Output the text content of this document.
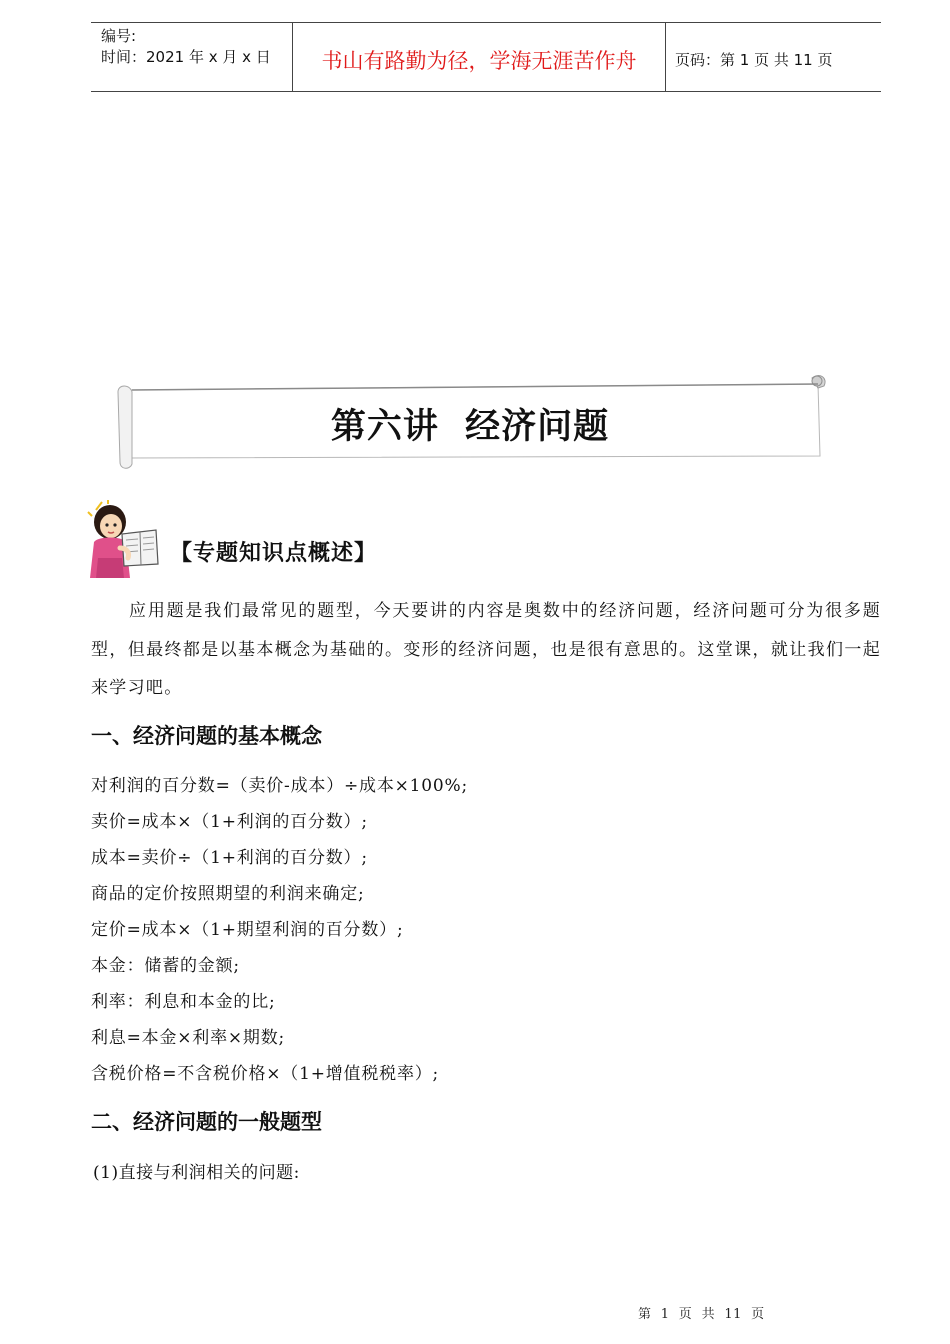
编号:
时间：2021 年 x 月 x 日	书山有路勤为径，学海无涯苦作舟	页码：第 1 页 共 11 页
第六讲  经济问题
【专题知识点概述】

应用题是我们最常见的题型，今天要讲的内容是奥数中的经济问题，经济问题可分为很多题型，但最终都是以基本概念为基础的。变形的经济问题，也是很有意思的。这堂课，就让我们一起来学习吧。

一、经济问题的基本概念
对利润的百分数=（卖价-成本）÷成本×100%;
卖价=成本×（1+利润的百分数）;
成本=卖价÷（1+利润的百分数）;
商品的定价按照期望的利润来确定;
定价=成本×（1+期望利润的百分数）;
本金：储蓄的金额;
利率：利息和本金的比;
利息=本金×利率×期数;
含税价格=不含税价格×（1+增值税税率）;
二、经济问题的一般题型
(1)直接与利润相关的问题:
第  1  页  共  11  页
